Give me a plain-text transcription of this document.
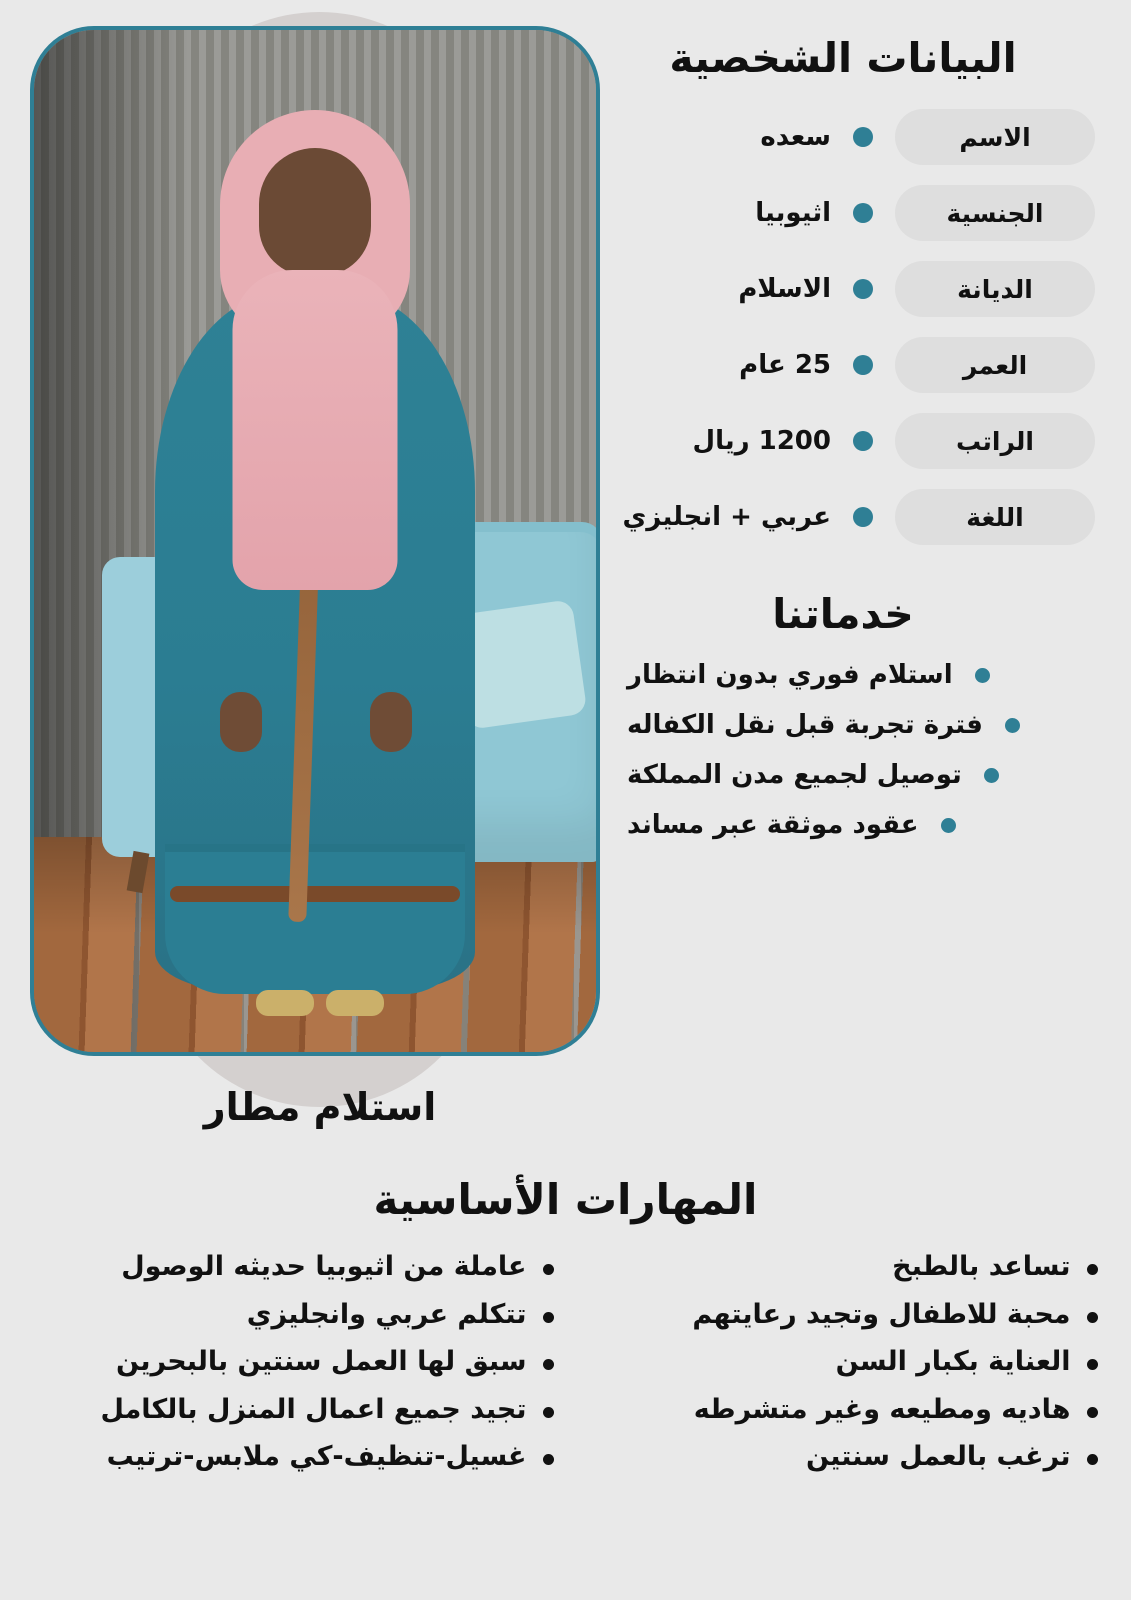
البيانات الشخصية
الاسم
سعده
الجنسية
اثيوبيا
الديانة
الاسلام
العمر
25 عام
الراتب
1200 ريال
اللغة
عربي + انجليزي
خدماتنا
استلام فوري بدون انتظار
فترة تجربة قبل نقل الكفاله
توصيل لجميع مدن المملكة
عقود موثقة عبر مساند
استلام مطار
المهارات الأساسية
تساعد بالطبخ
محبة للاطفال وتجيد رعايتهم
العناية بكبار السن
هاديه ومطيعه وغير متشرطه
ترغب بالعمل سنتين
عاملة من اثيوبيا حديثه الوصول
تتكلم عربي وانجليزي
سبق لها العمل سنتين بالبحرين
تجيد جميع اعمال المنزل بالكامل
غسيل-تنظيف-كي ملابس-ترتيب
